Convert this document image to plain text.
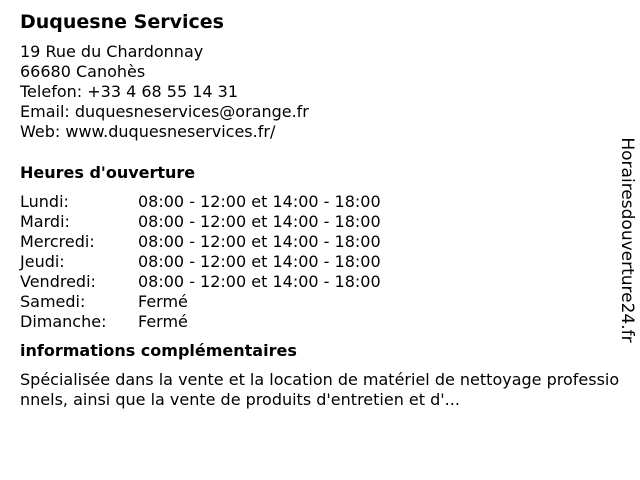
Duquesne Services
19 Rue du Chardonnay
66680 Canohès
Telefon: +33 4 68 55 14 31
Email: duquesneservices@orange.fr
Web: www.duquesneservices.fr/
Heures d'ouverture
Lundi:	08:00 - 12:00 et 14:00 - 18:00
Mardi:	08:00 - 12:00 et 14:00 - 18:00
Mercredi:	08:00 - 12:00 et 14:00 - 18:00
Jeudi:	08:00 - 12:00 et 14:00 - 18:00
Vendredi:	08:00 - 12:00 et 14:00 - 18:00
Samedi:	Fermé
Dimanche:	Fermé
informations complémentaires
Spécialisée dans la vente et la location de matériel de nettoyage professionnels, ainsi que la vente de produits d'entretien et d'...
Horairesdouverture24.fr
